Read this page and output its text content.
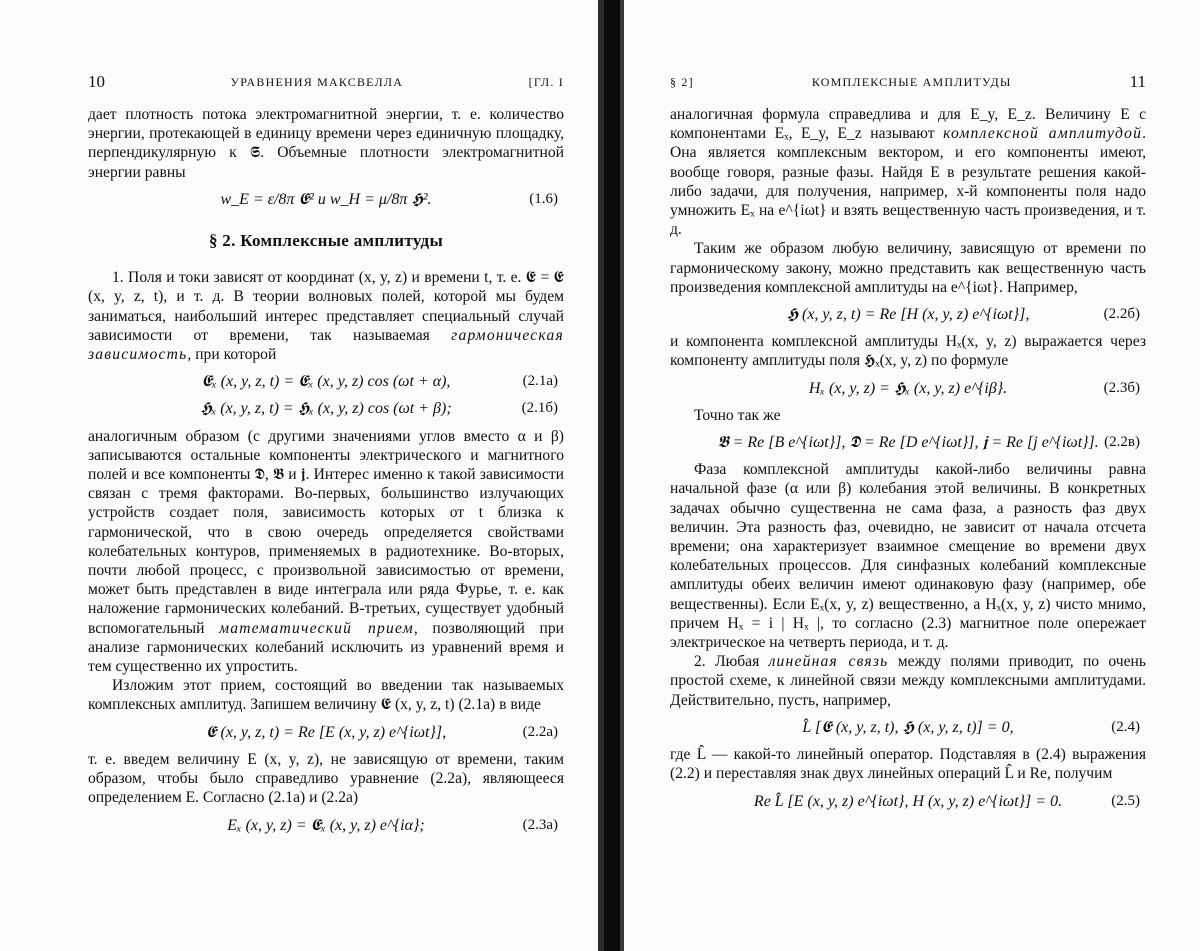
10	УРАВНЕНИЯ МАКСВЕЛЛА	[ГЛ. I

дает плотность потока электромагнитной энергии, т. е. количество энергии, протекающей в единицу времени через единичную площадку, перпендикулярную к 𝕾. Объемные плотности электромагнитной энергии равны

w_E = ε/8π 𝕰² и w_H = μ/8π 𝕳².	(1.6)
§ 2. Комплексные амплитуды

1. Поля и токи зависят от координат (x, y, z) и времени t, т. е. 𝕰 = 𝕰 (x, y, z, t), и т. д. В теории волновых полей, которой мы будем заниматься, наибольший интерес представляет специальный случай зависимости от времени, так называемая гармоническая зависимость, при которой

𝕰ₓ (x, y, z, t) = 𝕰ₓ (x, y, z) cos (ωt + α),	(2.1а)
𝕳ₓ (x, y, z, t) = 𝕳ₓ (x, y, z) cos (ωt + β);	(2.1б)

аналогичным образом (с другими значениями углов вместо α и β) записываются остальные компоненты электрического и магнитного полей и все компоненты 𝕯, 𝕭 и 𝖏. Интерес именно к такой зависимости связан с тремя факторами. Во-первых, большинство излучающих устройств создает поля, зависимость которых от t близка к гармонической, что в свою очередь определяется свойствами колебательных контуров, применяемых в радиотехнике. Во-вторых, почти любой процесс, с произвольной зависимостью от времени, может быть представлен в виде интеграла или ряда Фурье, т. е. как наложение гармонических колебаний. В-третьих, существует удобный вспомогательный математический прием, позволяющий при анализе гармонических колебаний исключить из уравнений время и тем существенно их упростить.

Изложим этот прием, состоящий во введении так называемых комплексных амплитуд. Запишем величину 𝕰 (x, y, z, t) (2.1а) в виде

𝕰 (x, y, z, t) = Re [E (x, y, z) e^{iωt}],	(2.2а)

т. е. введем величину E (x, y, z), не зависящую от времени, таким образом, чтобы было справедливо уравнение (2.2а), являющееся определением E. Согласно (2.1а) и (2.2а)

Eₓ (x, y, z) = 𝕰ₓ (x, y, z) e^{iα};	(2.3а)
§ 2]	КОМПЛЕКСНЫЕ АМПЛИТУДЫ	11

аналогичная формула справедлива и для E_y, E_z. Величину E с компонентами Eₓ, E_y, E_z называют комплексной амплитудой. Она является комплексным вектором, и его компоненты имеют, вообще говоря, разные фазы. Найдя E в результате решения какой-либо задачи, для получения, например, x-й компоненты поля надо умножить Eₓ на e^{iωt} и взять вещественную часть произведения, и т. д.

Таким же образом любую величину, зависящую от времени по гармоническому закону, можно представить как вещественную часть произведения комплексной амплитуды на e^{iωt}. Например,

𝕳 (x, y, z, t) = Re [H (x, y, z) e^{iωt}],	(2.2б)

и компонента комплексной амплитуды Hₓ(x, y, z) выражается через компоненту амплитуды поля 𝕳ₓ(x, y, z) по формуле

Hₓ (x, y, z) = 𝕳ₓ (x, y, z) e^{iβ}.	(2.3б)

Точно так же

𝕭 = Re [B e^{iωt}], 𝕯 = Re [D e^{iωt}], 𝖏 = Re [j e^{iωt}]. (2.2в)

Фаза комплексной амплитуды какой-либо величины равна начальной фазе (α или β) колебания этой величины. В конкретных задачах обычно существенна не сама фаза, а разность фаз двух величин. Эта разность фаз, очевидно, не зависит от начала отсчета времени; она характеризует взаимное смещение во времени двух колебательных процессов. Для синфазных колебаний комплексные амплитуды обеих величин имеют одинаковую фазу (например, обе вещественны). Если Eₓ(x, y, z) вещественно, а Hₓ(x, y, z) чисто мнимо, причем Hₓ = i | Hₓ |, то согласно (2.3) магнитное поле опережает электрическое на четверть периода, и т. д.

2. Любая линейная связь между полями приводит, по очень простой схеме, к линейной связи между комплексными амплитудами. Действительно, пусть, например,

L̂ [𝕰 (x, y, z, t), 𝕳 (x, y, z, t)] = 0,	(2.4)

где L̂ — какой-то линейный оператор. Подставляя в (2.4) выражения (2.2) и переставляя знак двух линейных операций L̂ и Re, получим

Re L̂ [E (x, y, z) e^{iωt}, H (x, y, z) e^{iωt}] = 0.	(2.5)
